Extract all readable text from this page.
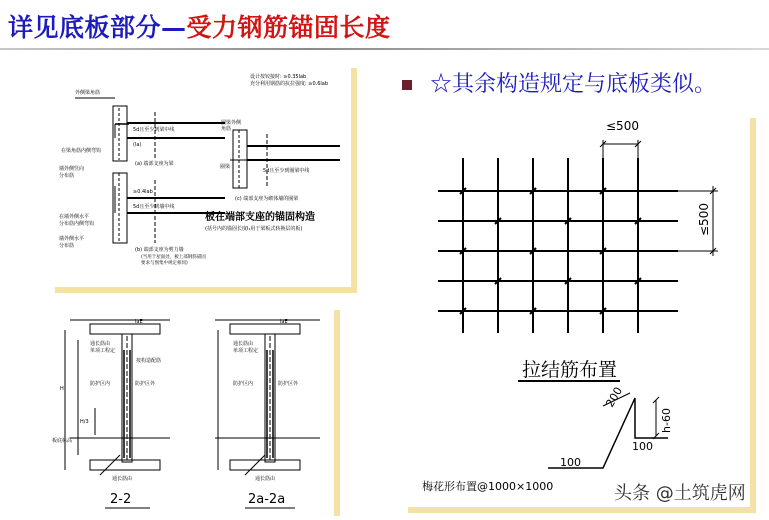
详见底板部分—受力钢筋锚固长度
设计按铰接时: ≥0.35lab
充分利用钢筋的抗拉强度: ≥0.6lab
外侧梁角筋
在梁角筋内侧弯钩
5d且至少到梁中线
(la)
(a) 端部支座为梁
墙外侧竖向
分布筋
≥0.4lab
5d且至少到墙中线
在墙外侧水平
分布筋内侧弯钩
墙外侧水平
分布筋
(b) 端部支座为剪力墙
(当用于屋面处，板上部钢筋锚固
要求与图集中规定相同)
圈梁外侧
角筋
圈梁
5d且至少到圈梁中线
(c) 端部支座为砌体墙的圈梁
板在端部支座的锚固构造
(括号内的锚固长度l₁用于梁板式转换层的板)
laE
通长筋由
单项工程定
按构造配筋
防护区内	防护区外
H
H/3
板底标高
通长筋由
laE
通长筋由
单项工程定
防护区内	防护区外
通长筋由
2-2	2a-2a
☆其余构造规定与底板类似。
≤500
≤500
拉结筋布置
200
h-60
100
100
梅花形布置@1000×1000	头条 @土筑虎网
